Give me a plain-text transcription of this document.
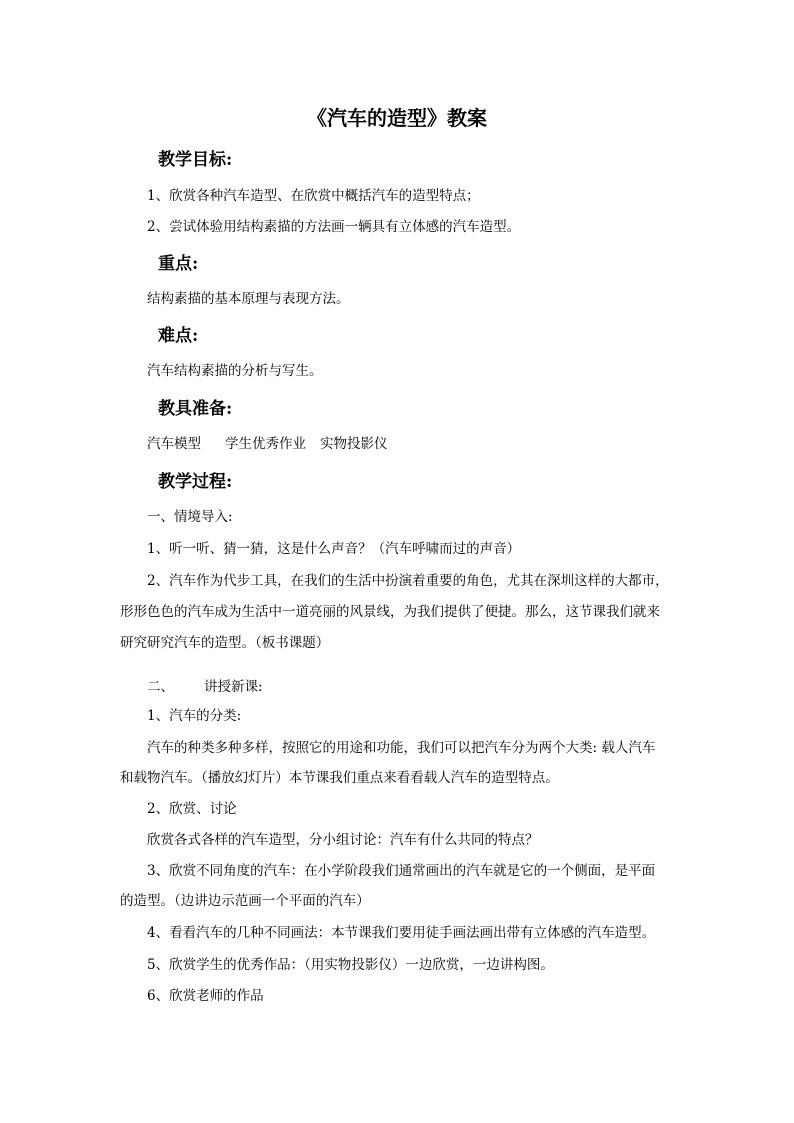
《汽车的造型》教案
教学目标:
1、欣赏各种汽车造型、在欣赏中概括汽车的造型特点；
2、尝试体验用结构素描的方法画一辆具有立体感的汽车造型。
重点:
结构素描的基本原理与表现方法。
难点:
汽车结构素描的分析与写生。
教具准备:
汽车模型 学生优秀作业 实物投影仪
教学过程:
一、情境导入:
1、听一听、猜一猜，这是什么声音？（汽车呼啸而过的声音）
2、汽车作为代步工具，在我们的生活中扮演着重要的角色，尤其在深圳这样的大都市，
形形色色的汽车成为生活中一道亮丽的风景线，为我们提供了便捷。那么，这节课我们就来
研究研究汽车的造型。（板书课题）
二、 讲授新课:
1、汽车的分类:
汽车的种类多种多样，按照它的用途和功能，我们可以把汽车分为两个大类: 载人汽车
和载物汽车。（播放幻灯片）本节课我们重点来看看载人汽车的造型特点。
2、欣赏、讨论
欣赏各式各样的汽车造型，分小组讨论：汽车有什么共同的特点？
3、欣赏不同角度的汽车：在小学阶段我们通常画出的汽车就是它的一个侧面，是平面
的造型。（边讲边示范画一个平面的汽车）
4、看看汽车的几种不同画法：本节课我们要用徒手画法画出带有立体感的汽车造型。
5、欣赏学生的优秀作品：（用实物投影仪）一边欣赏，一边讲构图。
6、欣赏老师的作品
